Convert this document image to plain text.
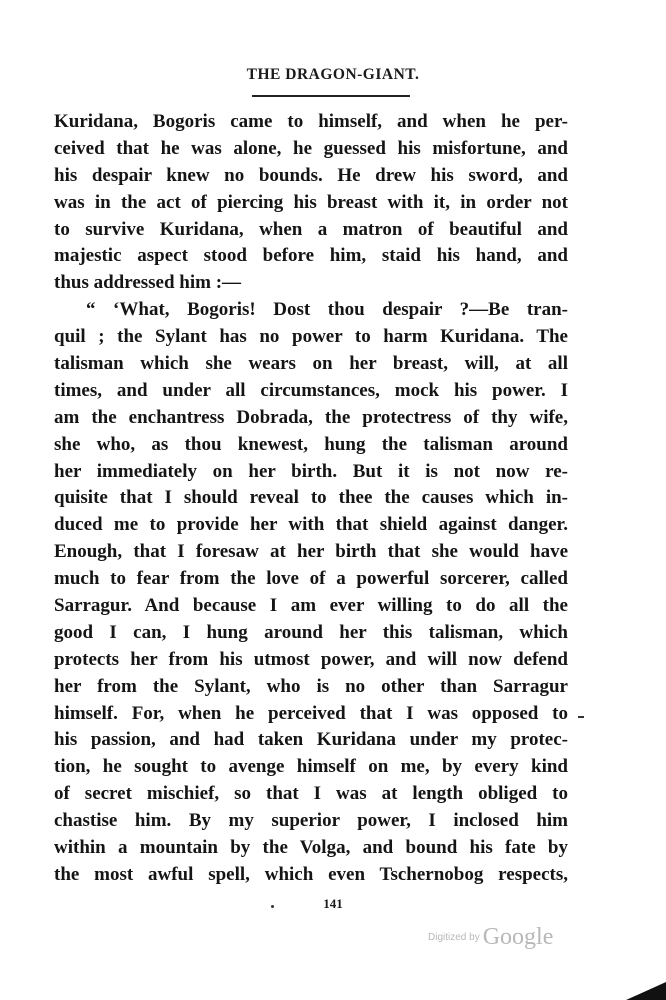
THE DRAGON-GIANT.
Kuridana, Bogoris came to himself, and when he per-
ceived that he was alone, he guessed his misfortune, and
his despair knew no bounds. He drew his sword, and
was in the act of piercing his breast with it, in order not
to survive Kuridana, when a matron of beautiful and
majestic aspect stood before him, staid his hand, and
thus addressed him :—
“ ‘What, Bogoris! Dost thou despair ?—Be tran-
quil ; the Sylant has no power to harm Kuridana. The
talisman which she wears on her breast, will, at all
times, and under all circumstances, mock his power. I
am the enchantress Dobrada, the protectress of thy wife,
she who, as thou knewest, hung the talisman around
her immediately on her birth. But it is not now re-
quisite that I should reveal to thee the causes which in-
duced me to provide her with that shield against danger.
Enough, that I foresaw at her birth that she would have
much to fear from the love of a powerful sorcerer, called
Sarragur. And because I am ever willing to do all the
good I can, I hung around her this talisman, which
protects her from his utmost power, and will now defend
her from the Sylant, who is no other than Sarragur
himself. For, when he perceived that I was opposed to
his passion, and had taken Kuridana under my protec-
tion, he sought to avenge himself on me, by every kind
of secret mischief, so that I was at length obliged to
chastise him. By my superior power, I inclosed him
within a mountain by the Volga, and bound his fate by
the most awful spell, which even Tschernobog respects,
141
$^{Digitized by}$ Google
